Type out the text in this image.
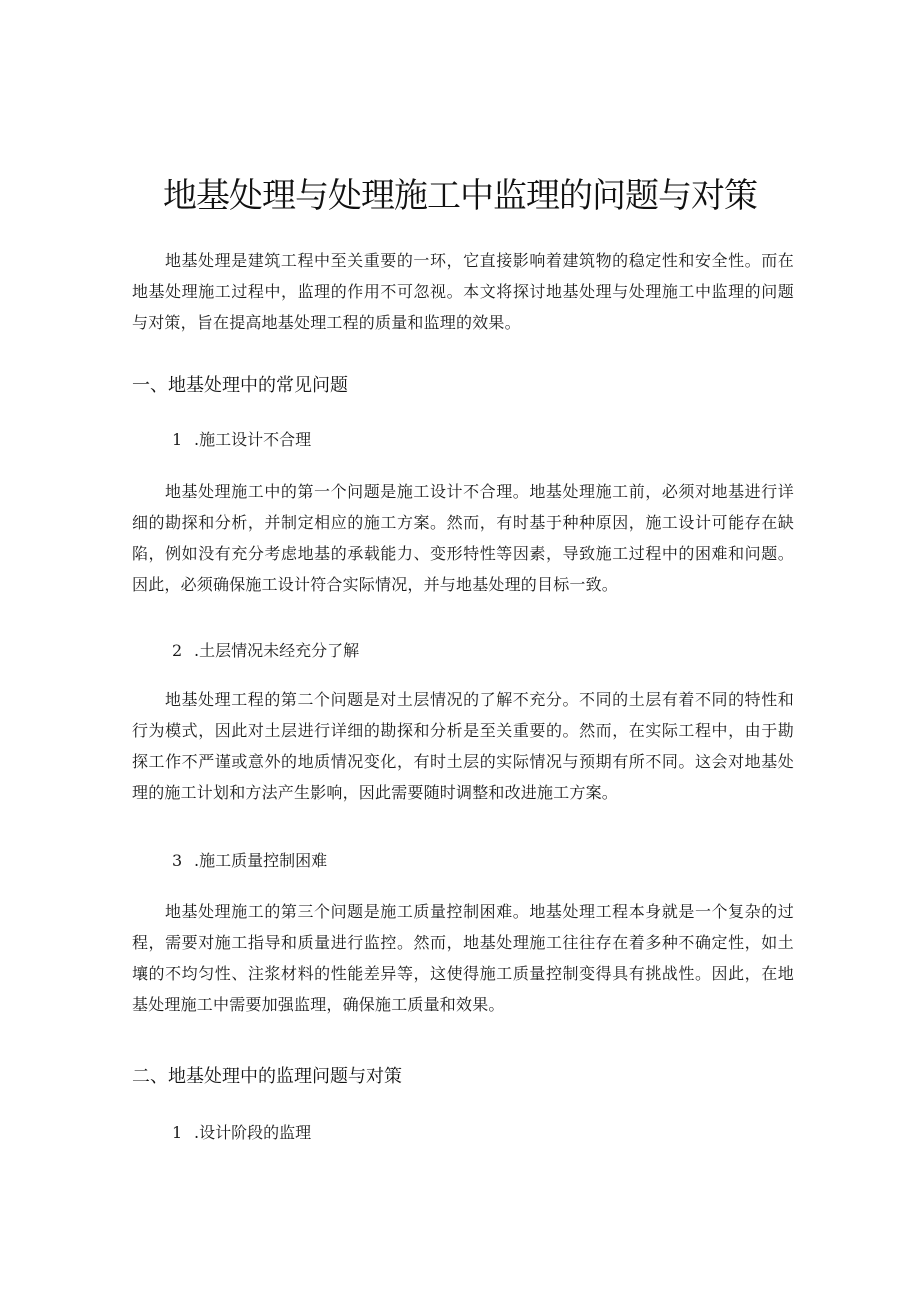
地基处理与处理施工中监理的问题与对策

地基处理是建筑工程中至关重要的一环，它直接影响着建筑物的稳定性和安全性。而在地基处理施工过程中，监理的作用不可忽视。本文将探讨地基处理与处理施工中监理的问题与对策，旨在提高地基处理工程的质量和监理的效果。

一、地基处理中的常见问题
1 .施工设计不合理

地基处理施工中的第一个问题是施工设计不合理。地基处理施工前，必须对地基进行详细的勘探和分析，并制定相应的施工方案。然而，有时基于种种原因，施工设计可能存在缺陷，例如没有充分考虑地基的承载能力、变形特性等因素，导致施工过程中的困难和问题。因此，必须确保施工设计符合实际情况，并与地基处理的目标一致。

2 .土层情况未经充分了解

地基处理工程的第二个问题是对土层情况的了解不充分。不同的土层有着不同的特性和行为模式，因此对土层进行详细的勘探和分析是至关重要的。然而，在实际工程中，由于勘探工作不严谨或意外的地质情况变化，有时土层的实际情况与预期有所不同。这会对地基处理的施工计划和方法产生影响，因此需要随时调整和改进施工方案。

3 .施工质量控制困难

地基处理施工的第三个问题是施工质量控制困难。地基处理工程本身就是一个复杂的过程，需要对施工指导和质量进行监控。然而，地基处理施工往往存在着多种不确定性，如土壤的不均匀性、注浆材料的性能差异等，这使得施工质量控制变得具有挑战性。因此，在地基处理施工中需要加强监理，确保施工质量和效果。

二、地基处理中的监理问题与对策
1 .设计阶段的监理
